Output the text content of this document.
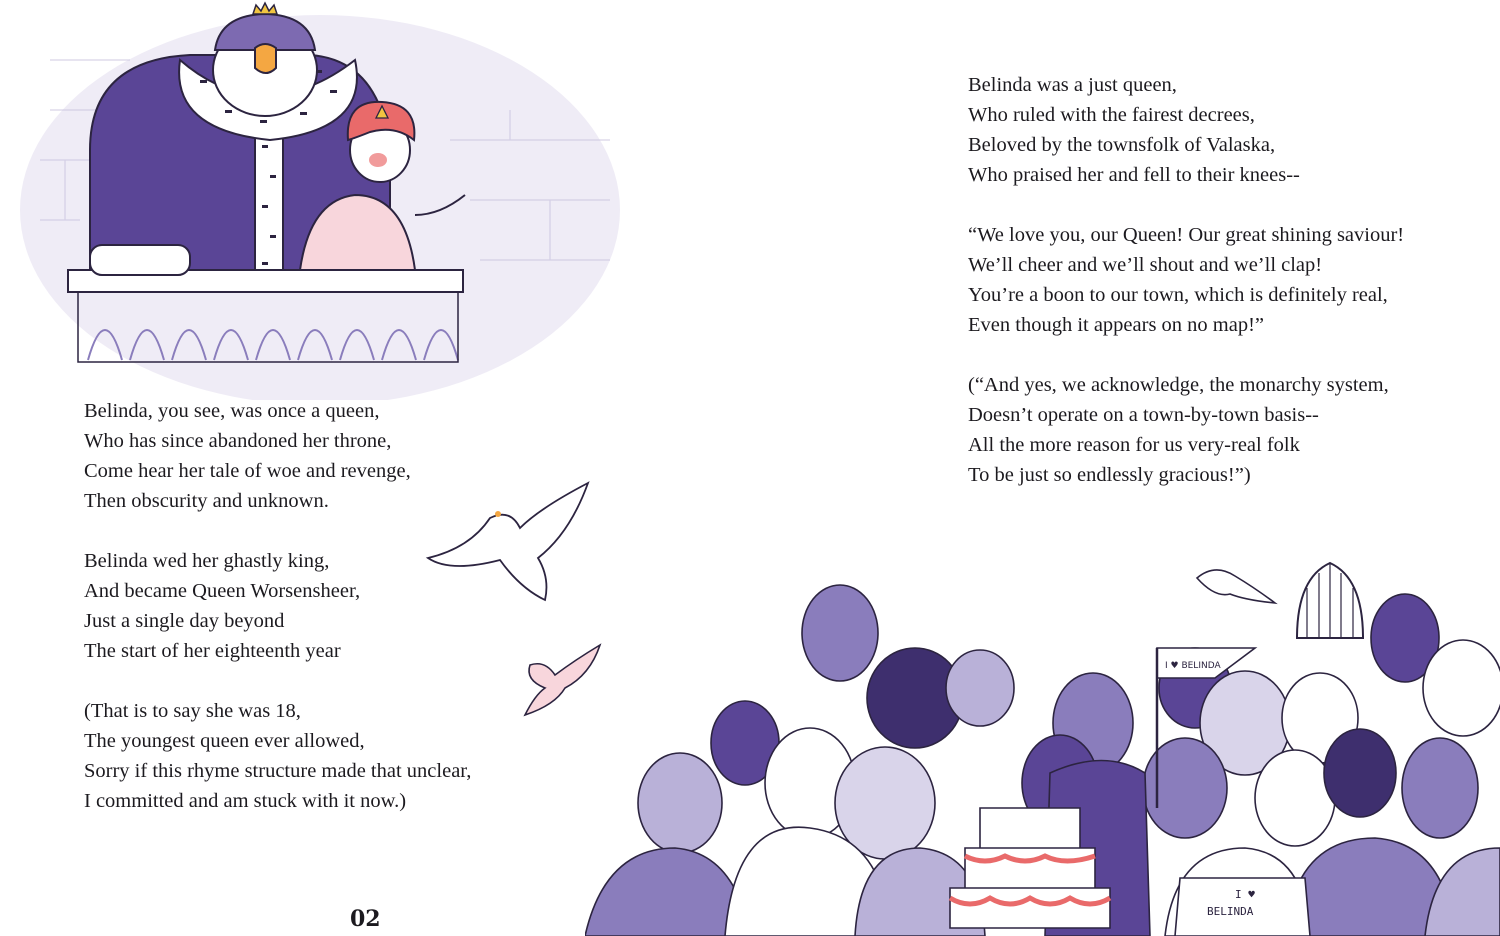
I ♥ BELINDA
I ♥
BELINDA
Belinda, you see, was once a queen,
Who has since abandoned her throne,
Come hear her tale of woe and revenge,
Then obscurity and unknown.
Belinda wed her ghastly king,
And became Queen Worsensheer,
Just a single day beyond
The start of her eighteenth year
(That is to say she was 18,
The youngest queen ever allowed,
Sorry if this rhyme structure made that unclear,
I committed and am stuck with it now.)
Belinda was a just queen,
Who ruled with the fairest decrees,
Beloved by the townsfolk of Valaska,
Who praised her and fell to their knees--
“We love you, our Queen! Our great shining saviour!
We’ll cheer and we’ll shout and we’ll clap!
You’re a boon to our town, which is definitely real,
Even though it appears on no map!”
(“And yes, we acknowledge, the monarchy system,
Doesn’t operate on a town-by-town basis--
All the more reason for us very-real folk
To be just so endlessly gracious!”)
02
